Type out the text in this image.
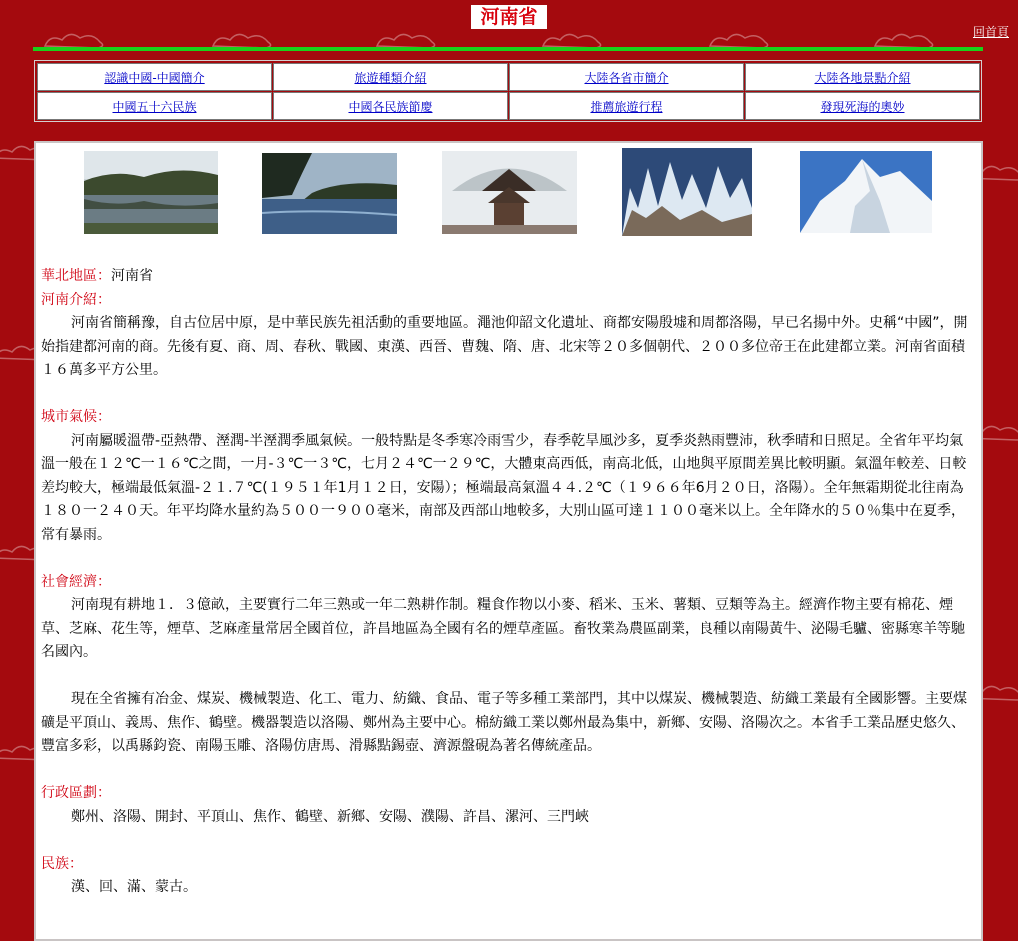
河南省
回首頁
認識中國-中國簡介	旅遊種類介紹	大陸各省市簡介	大陸各地景點介紹
中國五十六民族	中國各民族節慶	推薦旅遊行程	發現死海的奧妙
華北地區：河南省
河南介紹：
河南省簡稱豫，自古位居中原，是中華民族先祖活動的重要地區。澠池仰韶文化遺址、商都安陽殷墟和周都洛陽，早已名揚中外。史稱“中國”，開始指建都河南的商。先後有夏、商、周、春秋、戰國、東漢、西晉、曹魏、隋、唐、北宋等２０多個朝代、２００多位帝王在此建都立業。河南省面積１６萬多平方公里。
城市氣候：
河南屬暖溫帶-亞熱帶、溼潤-半溼潤季風氣候。一般特點是冬季寒冷雨雪少，春季乾旱風沙多，夏季炎熱雨豐沛，秋季晴和日照足。全省年平均氣溫一般在１２℃一１６℃之間，一月-３℃一３℃，七月２４℃一２９℃，大體東高西低，南高北低，山地與平原間差異比較明顯。氣溫年較差、日較差均較大，極端最低氣溫-２１.７℃(１９５１年1月１２日，安陽）；極端最高氣溫４４.２℃（１９６６年6月２０日，洛陽）。全年無霜期從北往南為１８０一２４０天。年平均降水量約為５００一９００毫米，南部及西部山地較多，大別山區可達１１００毫米以上。全年降水的５０％集中在夏季，常有暴雨。
社會經濟：
河南現有耕地１．３億畝，主要實行二年三熟或一年二熟耕作制。糧食作物以小麥、稻米、玉米、薯類、豆類等為主。經濟作物主要有棉花、煙草、芝麻、花生等，煙草、芝麻產量常居全國首位，許昌地區為全國有名的煙草產區。畜牧業為農區副業，良種以南陽黃牛、泌陽毛驢、密縣寒羊等馳名國內。
現在全省擁有冶金、煤炭、機械製造、化工、電力、紡織、食品、電子等多種工業部門，其中以煤炭、機械製造、紡織工業最有全國影響。主要煤礦是平頂山、義馬、焦作、鶴壁。機器製造以洛陽、鄭州為主要中心。棉紡織工業以鄭州最為集中，新鄉、安陽、洛陽次之。本省手工業品歷史悠久、豐富多彩，以禹縣鈞瓷、南陽玉雕、洛陽仿唐馬、滑縣點錫壺、濟源盤硯為著名傳統產品。
行政區劃：
鄭州、洛陽、開封、平頂山、焦作、鶴壁、新鄉、安陽、濮陽、許昌、漯河、三門峽
民族：
漢、回、滿、蒙古。
